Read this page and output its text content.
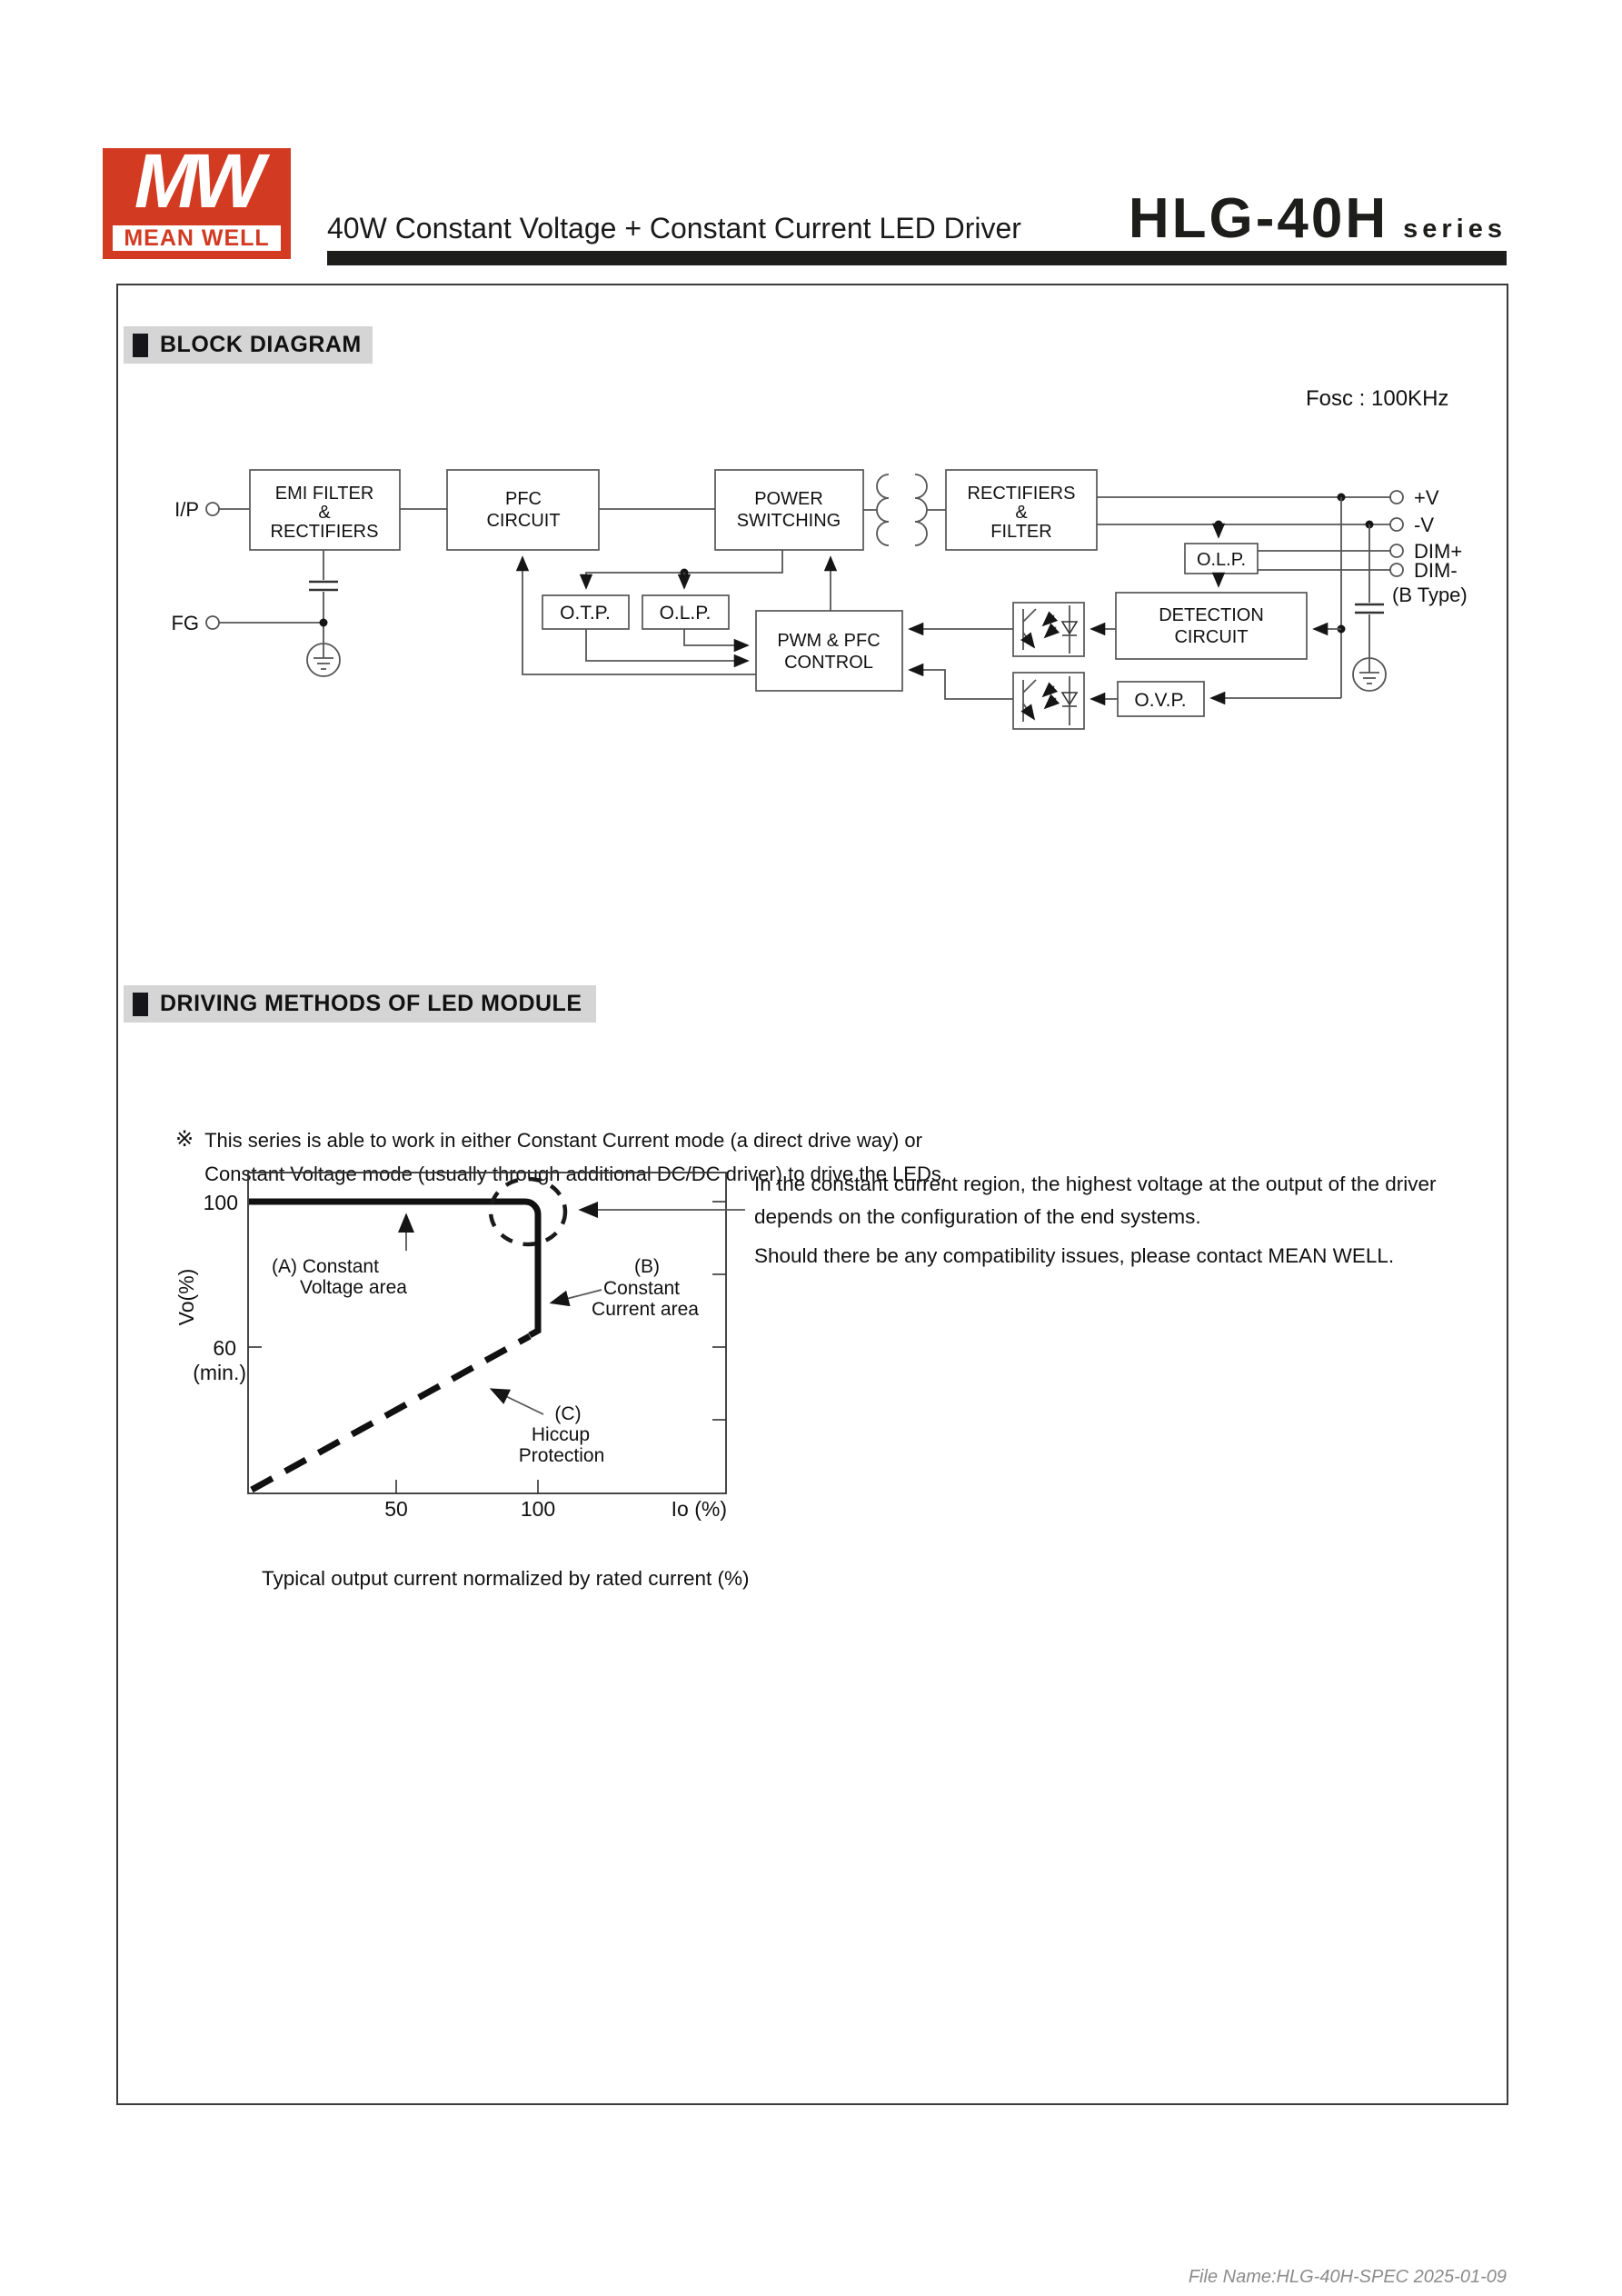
MW
MEAN WELL 40W Constant Voltage + Constant Current LED Driver HLG-40H series
BLOCK DIAGRAM
Fosc : 100KHz
I/P
FG
EMI FILTER
&
RECTIFIERS
PFC
CIRCUIT
POWER
SWITCHING
RECTIFIERS
&
FILTER
+V
-V
DIM+
DIM-
(B Type)
O.L.P.
DETECTION
CIRCUIT
O.V.P.
PWM & PFC
CONTROL
O.T.P.	O.L.P.
DRIVING METHODS OF LED MODULE
※ This series is able to work in either Constant Current mode (a direct drive way) or
Constant Voltage mode (usually through additional DC/DC driver) to drive the LEDs.
100
60
(min.)
Vo(%)
50	100	Io (%)
(A) Constant
Voltage area
(B)
Constant
Current area
(C)
Hiccup
Protection
In the constant current region, the highest voltage at the output of the driver
depends on the configuration of the end systems.
Should there be any compatibility issues, please contact MEAN WELL.
Typical output current normalized by rated current (%)
File Name:HLG-40H-SPEC 2025-01-09
